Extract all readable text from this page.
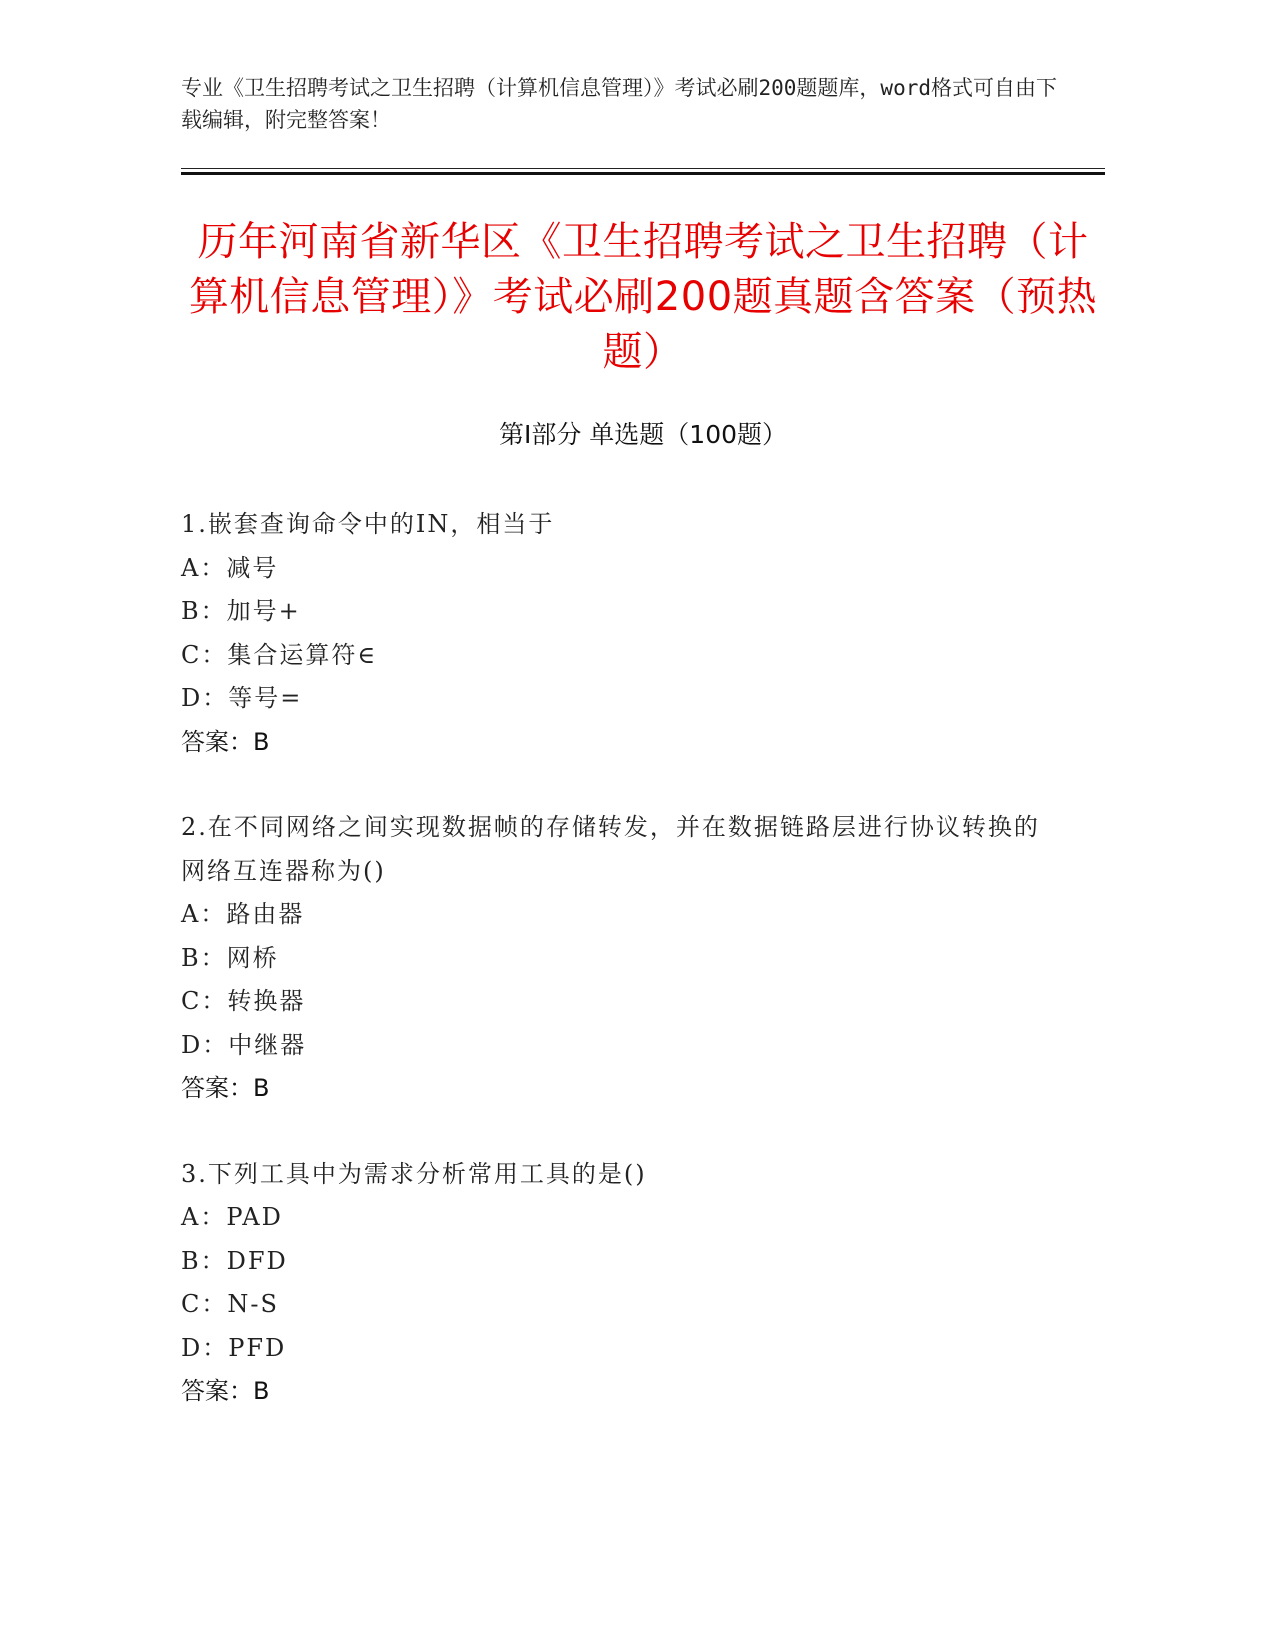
专业《卫生招聘考试之卫生招聘（计算机信息管理）》考试必刷200题题库，word格式可自由下载编辑，附完整答案！
历年河南省新华区《卫生招聘考试之卫生招聘（计算机信息管理）》考试必刷200题真题含答案（预热题）
第Ⅰ部分 单选题（100题）
1.嵌套查询命令中的IN，相当于
A：减号
B：加号+
C：集合运算符∈
D：等号=
答案：B
2.在不同网络之间实现数据帧的存储转发，并在数据链路层进行协议转换的网络互连器称为()
A：路由器
B：网桥
C：转换器
D：中继器
答案：B
3.下列工具中为需求分析常用工具的是()
A：PAD
B：DFD
C：N-S
D：PFD
答案：B
